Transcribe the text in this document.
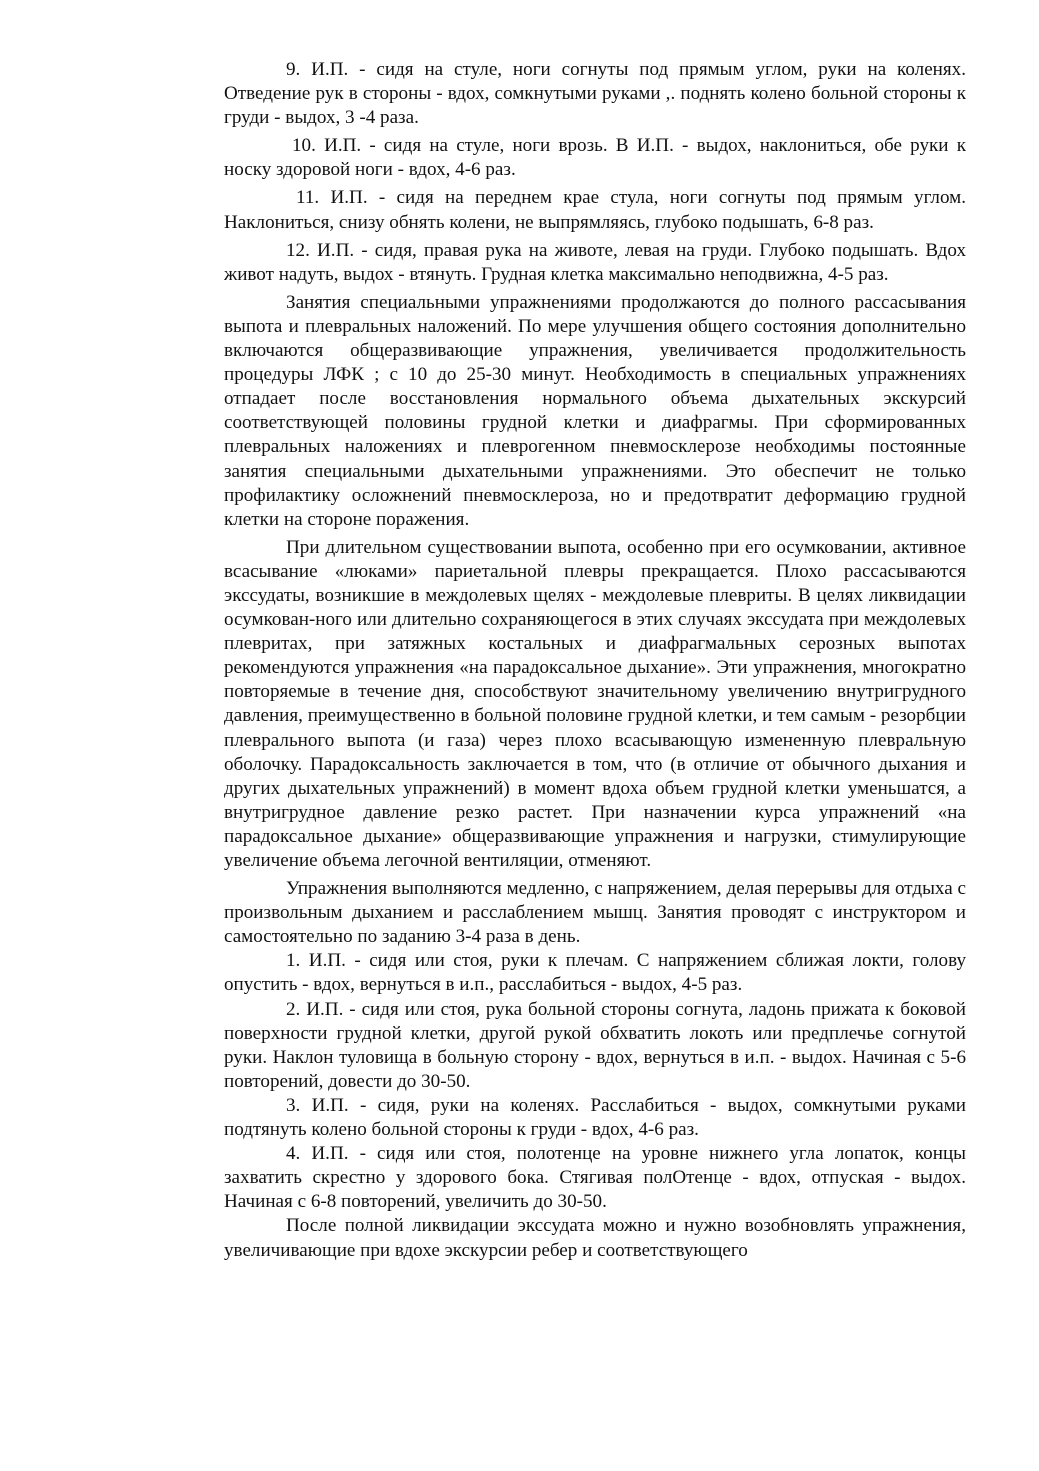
9. И.П. - сидя на стуле, ноги согнуты под прямым углом, руки на коленях. Отведение рук в стороны - вдох, сомкнутыми руками ,. поднять колено больной стороны к груди - выдох, 3 -4 раза.

10. И.П. - сидя на стуле, ноги врозь. В И.П. - выдох, наклониться, обе руки к носку здоровой ноги - вдох, 4-6 раз.

11. И.П. - сидя на переднем крае стула, ноги согнуты под прямым углом. Наклониться, снизу обнять колени, не выпрямляясь, глубоко подышать, 6-8 раз.

12. И.П. - сидя, правая рука на животе, левая на груди. Глубоко подышать. Вдох живот надуть, выдох - втянуть. Грудная клетка максимально неподвижна, 4-5 раз.

Занятия специальными упражнениями продолжаются до полного рассасывания выпота и плевральных наложений. По мере улучшения общего состояния дополнительно включаются общеразвивающие упражнения, увеличивается продолжительность процедуры ЛФК ; с 10 до 25-30 минут. Необходимость в специальных упражнениях отпадает после восстановления нормального объема дыхательных экскурсий соответствующей половины грудной клетки и диафрагмы. При сформированных плевральных наложениях и плеврогенном пневмосклерозе необходимы постоянные занятия специальными дыхательными упражнениями. Это обеспечит не только профилактику осложнений пневмосклероза, но и предотвратит деформацию грудной клетки на стороне поражения.

При длительном существовании выпота, особенно при его осумковании, активное всасывание «люками» париетальной плевры прекращается. Плохо рассасываются экссудаты, возникшие в междолевых щелях - междолевые плевриты. В целях ликвидации осумкован-ного или длительно сохраняющегося в этих случаях экссудата при междолевых плевритах, при затяжных костальных и диафрагмальных серозных выпотах рекомендуются упражнения «на парадоксальное дыхание». Эти упражнения, многократно повторяемые в течение дня, способствуют значительному увеличению внутригрудного давления, преимущественно в больной половине грудной клетки, и тем самым - резорбции плеврального выпота (и газа) через плохо всасывающую измененную плевральную оболочку. Парадоксальность заключается в том, что (в отличие от обычного дыхания и других дыхательных упражнений) в момент вдоха объем грудной клетки уменьшатся, а внутригрудное давление резко растет. При назначении курса упражнений «на парадоксальное дыхание» общеразвивающие упражнения и нагрузки, стимулирующие увеличение объема легочной вентиляции, отменяют.

Упражнения выполняются медленно, с напряжением, делая перерывы для отдыха с произвольным дыханием и расслаблением мышц. Занятия проводят с инструктором и самостоятельно по заданию 3-4 раза в день.

1. И.П. - сидя или стоя, руки к плечам. С напряжением сближая локти, голову опустить - вдох, вернуться в и.п., расслабиться - выдох, 4-5 раз.

2. И.П. - сидя или стоя, рука больной стороны согнута, ладонь прижата к боковой поверхности грудной клетки, другой рукой обхватить локоть или предплечье согнутой руки. Наклон туловища в больную сторону - вдох, вернуться в и.п. - выдох. Начиная с 5-6 повторений, довести до 30-50.

3. И.П. - сидя, руки на коленях. Расслабиться - выдох, сомкнутыми руками подтянуть колено больной стороны к груди - вдох, 4-6 раз.

4. И.П. - сидя или стоя, полотенце на уровне нижнего угла лопаток, концы захватить скрестно у здорового бока. Стягивая полОтенце - вдох, отпуская - выдох. Начиная с 6-8 повторений, увеличить до 30-50.

После полной ликвидации экссудата можно и нужно возобновлять упражнения, увеличивающие при вдохе экскурсии ребер и соответствующего
